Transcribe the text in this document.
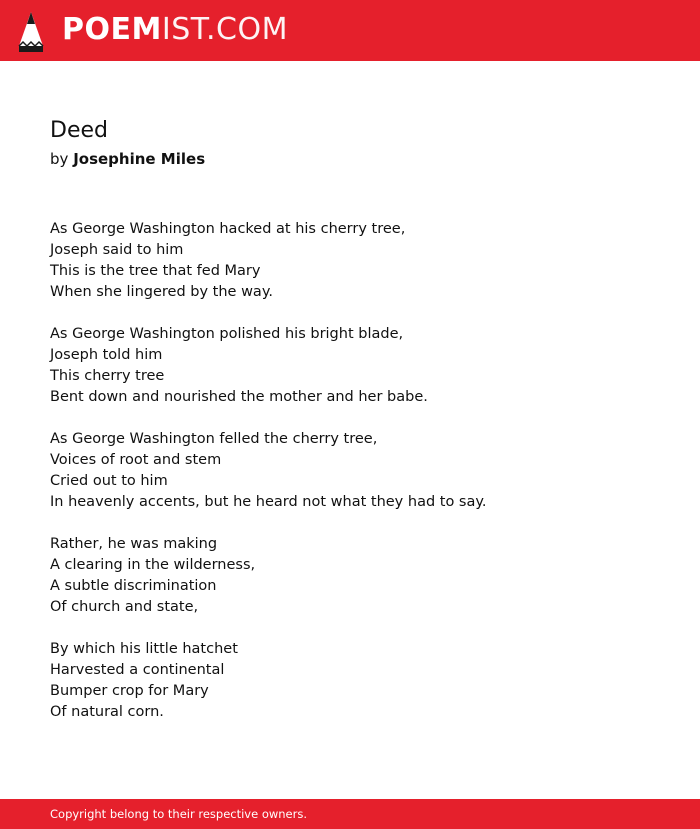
POEMIST.COM
Deed
by Josephine Miles
As George Washington hacked at his cherry tree,
Joseph said to him
This is the tree that fed Mary
When she lingered by the way.
As George Washington polished his bright blade,
Joseph told him
This cherry tree
Bent down and nourished the mother and her babe.
As George Washington felled the cherry tree,
Voices of root and stem
Cried out to him
In heavenly accents, but he heard not what they had to say.
Rather, he was making
A clearing in the wilderness,
A subtle discrimination
Of church and state,
By which his little hatchet
Harvested a continental
Bumper crop for Mary
Of natural corn.
Copyright belong to their respective owners.
